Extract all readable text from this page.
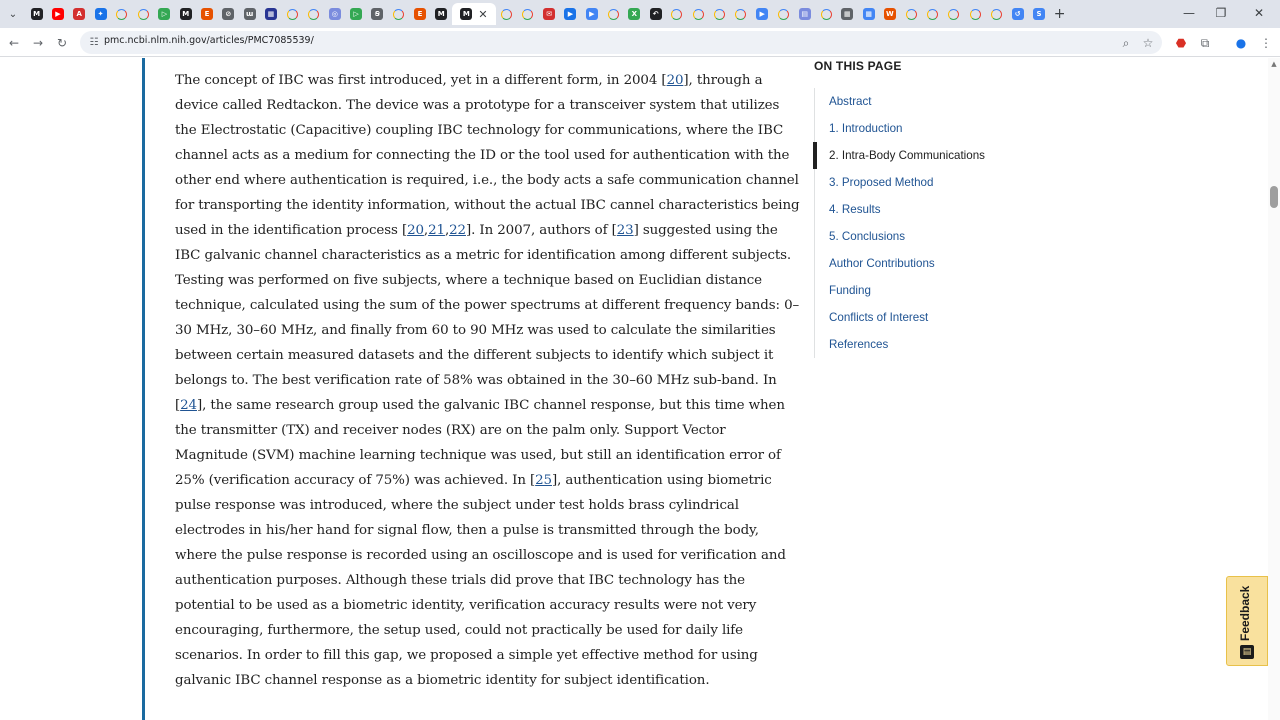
⌄	M	▶	A	✦	▷	M	E	⊘	ɯ	▦	◎	▷	Ꞩ	E	M	M ✕	✉	▶	▶	X	↶	▶	▤	▦	▦	W	↺	S +	—	❐	✕
←	→	↻	☷ pmc.ncbi.nlm.nih.gov/articles/PMC7085539/	⌕	☆	⬣	⧉	●	⋮
The concept of IBC was first introduced, yet in a different form, in 2004 [20], through a
device called Redtackon. The device was a prototype for a transceiver system that utilizes
the Electrostatic (Capacitive) coupling IBC technology for communications, where the IBC
channel acts as a medium for connecting the ID or the tool used for authentication with the
other end where authentication is required, i.e., the body acts a safe communication channel
for transporting the identity information, without the actual IBC cannel characteristics being
used in the identification process [20,21,22]. In 2007, authors of [23] suggested using the
IBC galvanic channel characteristics as a metric for identification among different subjects.
Testing was performed on five subjects, where a technique based on Euclidian distance
technique, calculated using the sum of the power spectrums at different frequency bands: 0–
30 MHz, 30–60 MHz, and finally from 60 to 90 MHz was used to calculate the similarities
between certain measured datasets and the different subjects to identify which subject it
belongs to. The best verification rate of 58% was obtained in the 30–60 MHz sub-band. In
[24], the same research group used the galvanic IBC channel response, but this time when
the transmitter (TX) and receiver nodes (RX) are on the palm only. Support Vector
Magnitude (SVM) machine learning technique was used, but still an identification error of
25% (verification accuracy of 75%) was achieved. In [25], authentication using biometric
pulse response was introduced, where the subject under test holds brass cylindrical
electrodes in his/her hand for signal flow, then a pulse is transmitted through the body,
where the pulse response is recorded using an oscilloscope and is used for verification and
authentication purposes. Although these trials did prove that IBC technology has the
potential to be used as a biometric identity, verification accuracy results were not very
encouraging, furthermore, the setup used, could not practically be used for daily life
scenarios. In order to fill this gap, we proposed a simple yet effective method for using
galvanic IBC channel response as a biometric identity for subject identification.
ON THIS PAGE
Abstract
1. Introduction
2. Intra-Body Communications
3. Proposed Method
4. Results
5. Conclusions
Author Contributions
Funding
Conflicts of Interest
References
▲
Feedback
▤
